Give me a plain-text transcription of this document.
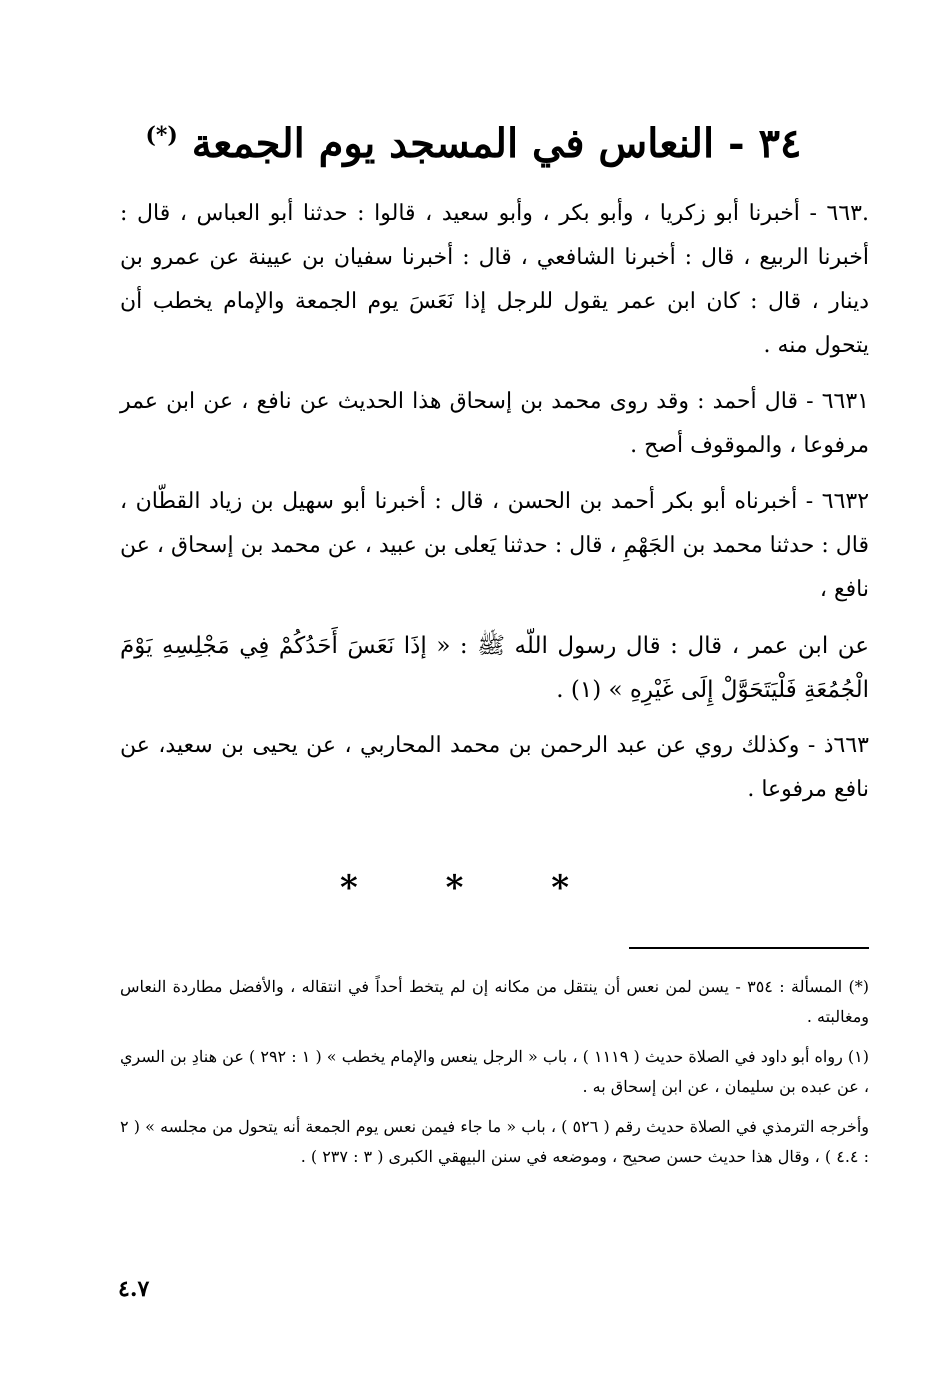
٣٤ - النعاس في المسجد يوم الجمعة (*)

.٦٦٣ - أخبرنا أبو زكريا ، وأبو بكر ، وأبو سعيد ، قالوا : حدثنا أبو العباس ، قال : أخبرنا الربيع ، قال : أخبرنا الشافعي ، قال : أخبرنا سفيان بن عيينة عن عمرو بن دينار ، قال : كان ابن عمر يقول للرجل إذا نَعَسَ يوم الجمعة والإمام يخطب أن يتحول منه .

٦٦٣١ - قال أحمد : وقد روى محمد بن إسحاق هذا الحديث عن نافع ، عن ابن عمر مرفوعا ، والموقوف أصح .

٦٦٣٢ - أخبرناه أبو بكر أحمد بن الحسن ، قال : أخبرنا أبو سهيل بن زياد القطّان ، قال : حدثنا محمد بن الجَهْمِ ، قال : حدثنا يَعلى بن عبيد ، عن محمد بن إسحاق ، عن نافع ،

عن ابن عمر ، قال : قال رسول اللّه ﷺ : « إذَا نَعَسَ أَحَدُكُمْ فِي مَجْلِسِهِ يَوْمَ الْجُمُعَةِ فَلْيَتَحَوَّلْ إِلَى غَيْرِهِ » (١) .

٦٦٣ذ - وكذلك روي عن عبد الرحمن بن محمد المحاربي ، عن يحيى بن سعيد، عن نافع مرفوعا .

* * *

(*) المسألة : ٣٥٤ - يسن لمن نعس أن ينتقل من مكانه إن لم يتخط أحداً في انتقاله ، والأفضل مطاردة النعاس ومغالبته .

(١) رواه أبو داود في الصلاة حديث ( ١١١٩ ) ، باب « الرجل ينعس والإمام يخطب » ( ١ : ٢٩٢ ) عن هنادِ بن السري ، عن عبده بن سليمان ، عن ابن إسحاق به .

وأخرجه الترمذي في الصلاة حديث رقم ( ٥٢٦ ) ، باب « ما جاء فيمن نعس يوم الجمعة أنه يتحول من مجلسه » ( ٢ : ٤.٤ ) ، وقال هذا حديث حسن صحيح ، وموضعه في سنن البيهقي الكبرى ( ٣ : ٢٣٧ ) .

٤.٧
